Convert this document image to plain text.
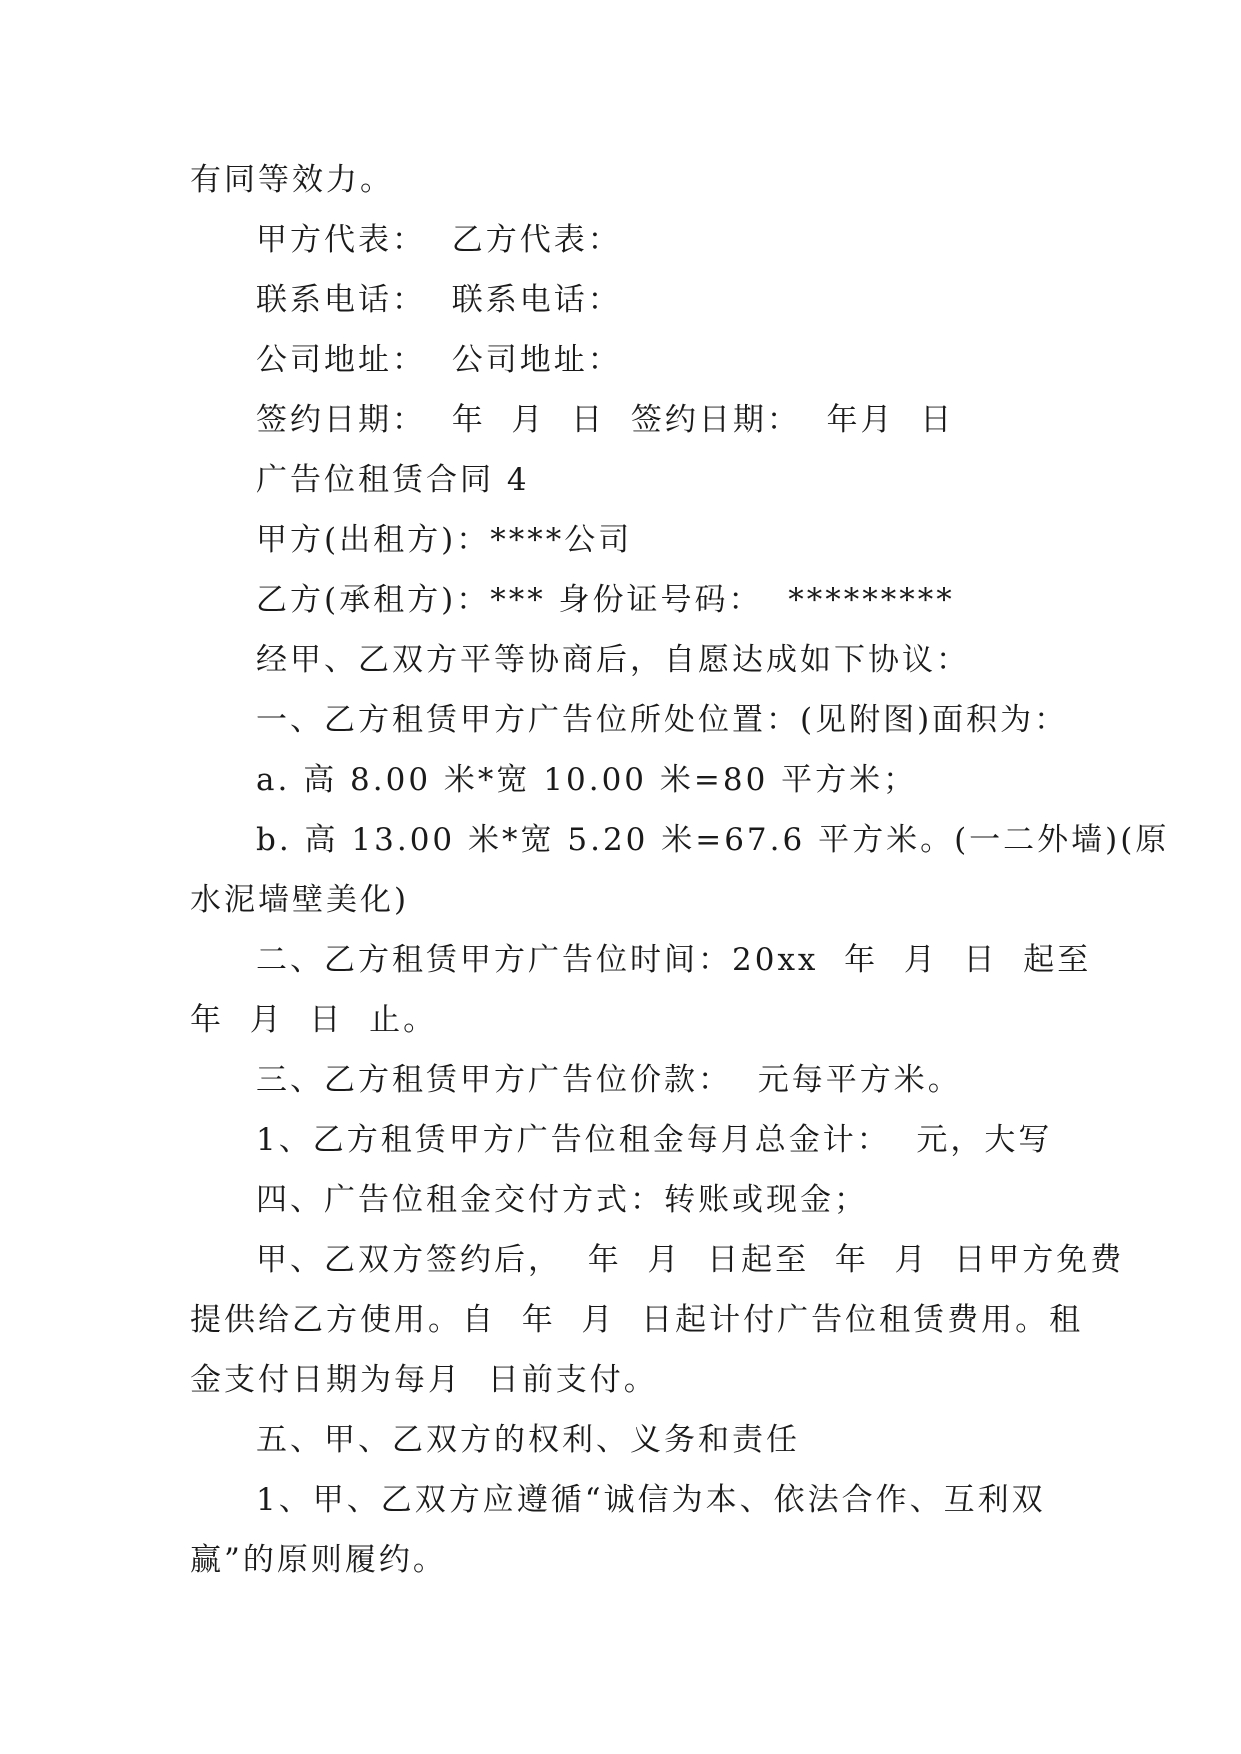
有同等效力。
甲方代表：  乙方代表：
联系电话：  联系电话：
公司地址：  公司地址：
签约日期：  年  月  日  签约日期：  年月  日
广告位租赁合同 4
甲方(出租方)：****公司
乙方(承租方)：*** 身份证号码：  *********
经甲、乙双方平等协商后，自愿达成如下协议：
一、乙方租赁甲方广告位所处位置：(见附图)面积为：
a. 高 8.00 米*宽 10.00 米=80 平方米；
b. 高 13.00 米*宽 5.20 米=67.6 平方米。(一二外墙)(原
水泥墙壁美化)
二、乙方租赁甲方广告位时间：20xx  年  月  日  起至
年  月  日  止。
三、乙方租赁甲方广告位价款：  元每平方米。
1、乙方租赁甲方广告位租金每月总金计：  元，大写
四、广告位租金交付方式：转账或现金；
甲、乙双方签约后，  年  月  日起至  年  月  日甲方免费
提供给乙方使用。自  年  月  日起计付广告位租赁费用。租
金支付日期为每月  日前支付。
五、甲、乙双方的权利、义务和责任
1、甲、乙双方应遵循“诚信为本、依法合作、互利双
赢”的原则履约。
